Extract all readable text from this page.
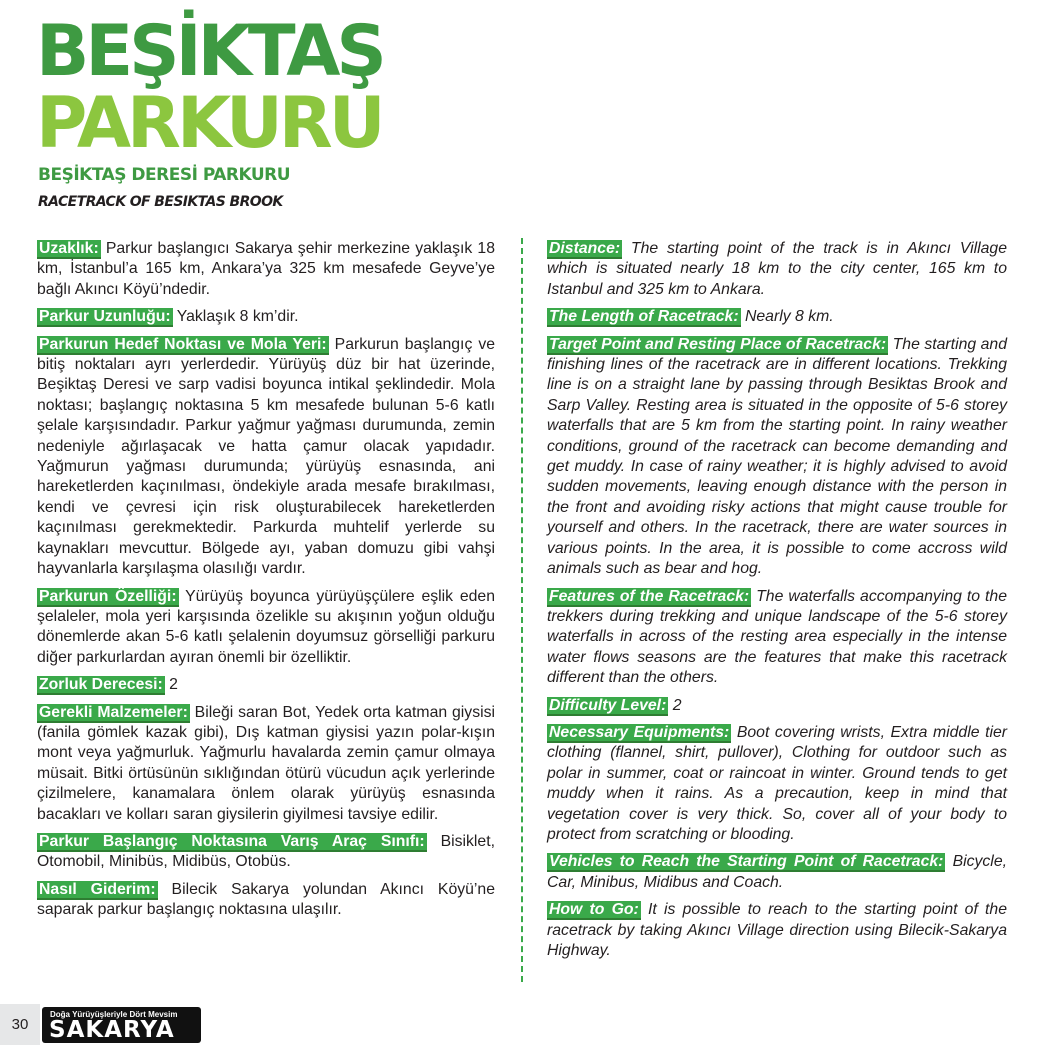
BEŞİKTAŞ
PARKURU
BEŞİKTAŞ DERESİ PARKURU
RACETRACK OF BESIKTAS BROOK

Uzaklık: Parkur başlangıcı Sakarya şehir merkezine yaklaşık 18 km, İstanbul’a 165 km, Ankara’ya 325 km mesafede Geyve’ye bağlı Akıncı Köyü’ndedir.

Parkur Uzunluğu: Yaklaşık 8 km’dir.

Parkurun Hedef Noktası ve Mola Yeri: Parkurun başlangıç ve bitiş noktaları ayrı yerlerdedir. Yürüyüş düz bir hat üzerinde, Beşiktaş Deresi ve sarp vadisi boyunca intikal şeklindedir. Mola noktası; başlangıç noktasına 5 km mesafede bulunan 5-6 katlı şelale karşısındadır. Parkur yağmur yağması durumunda, zemin nedeniyle ağırlaşacak ve hatta çamur olacak yapıdadır. Yağmurun yağması durumunda; yürüyüş esnasında, ani hareketlerden kaçınılması, öndekiyle arada mesafe bırakılması, kendi ve çevresi için risk oluşturabilecek hareketlerden kaçınılması gerekmektedir. Parkurda muhtelif yerlerde su kaynakları mevcuttur. Bölgede ayı, yaban domuzu gibi vahşi hayvanlarla karşılaşma olasılığı vardır.

Parkurun Özelliği: Yürüyüş boyunca yürüyüşçülere eşlik eden şelaleler, mola yeri karşısında özelikle su akışının yoğun olduğu dönemlerde akan 5-6 katlı şelalenin doyumsuz görselliği parkuru diğer parkurlardan ayıran önemli bir özelliktir.

Zorluk Derecesi: 2

Gerekli Malzemeler: Bileği saran Bot, Yedek orta katman giysisi (fanila gömlek kazak gibi), Dış katman giysisi yazın polar-kışın mont veya yağmurluk. Yağmurlu havalarda zemin çamur olmaya müsait. Bitki örtüsünün sıklığından ötürü vücudun açık yerlerinde çizilmelere, kanamalara önlem olarak yürüyüş esnasında bacakları ve kolları saran giysilerin giyilmesi tavsiye edilir.

Parkur Başlangıç Noktasına Varış Araç Sınıfı: Bisiklet, Otomobil, Minibüs, Midibüs, Otobüs.

Nasıl Giderim: Bilecik Sakarya yolundan Akıncı Köyü’ne saparak parkur başlangıç noktasına ulaşılır.

Distance: The starting point of the track is in Akıncı Village which is situated nearly 18 km to the city center, 165 km to Istanbul and 325 km to Ankara.

The Length of Racetrack: Nearly 8 km.

Target Point and Resting Place of Racetrack: The starting and finishing lines of the racetrack are in different locations. Trekking line is on a straight lane by passing through Besiktas Brook and Sarp Valley. Resting area is situated in the opposite of 5-6 storey waterfalls that are 5 km from the starting point. In rainy weather conditions, ground of the racetrack can become demanding and get muddy. In case of rainy weather; it is highly advised to avoid sudden movements, leaving enough distance with the person in the front and avoiding risky actions that might cause trouble for yourself and others. In the racetrack, there are water sources in various points. In the area, it is possible to come accross wild animals such as bear and hog.

Features of the Racetrack: The waterfalls accompanying to the trekkers during trekking and unique landscape of the 5-6 storey waterfalls in across of the resting area especially in the intense water flows seasons are the features that make this racetrack different than the others.

Difficulty Level: 2

Necessary Equipments: Boot covering wrists, Extra middle tier clothing (flannel, shirt, pullover), Clothing for outdoor such as polar in summer, coat or raincoat in winter. Ground tends to get muddy when it rains. As a precaution, keep in mind that vegetation cover is very thick. So, cover all of your body to protect from scratching or blooding.

Vehicles to Reach the Starting Point of Racetrack: Bicycle, Car, Minibus, Midibus and Coach.

How to Go: It is possible to reach to the starting point of the racetrack by taking Akıncı Village direction using Bilecik-Sakarya Highway.

30
Doğa Yürüyüşleriyle Dört Mevsim
SAKARYA
